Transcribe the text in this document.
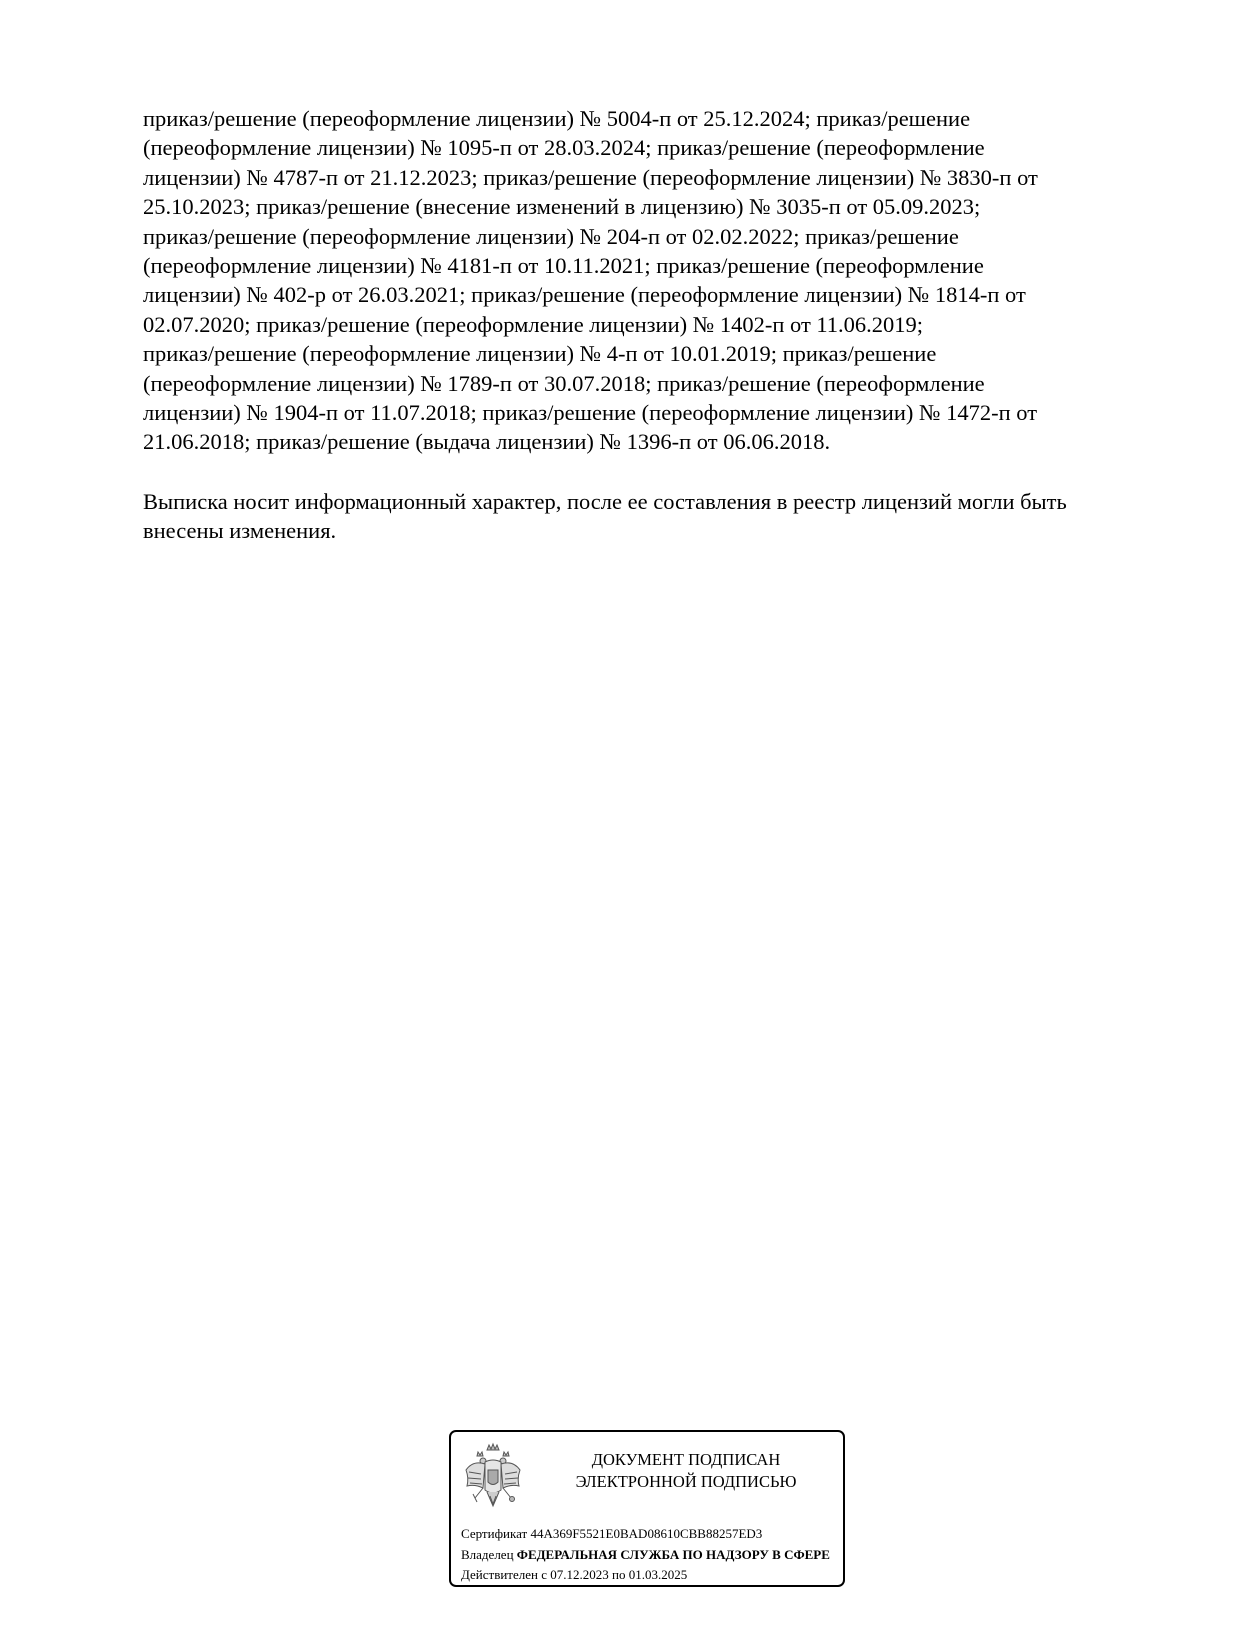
приказ/решение (переоформление лицензии) № 5004-п от 25.12.2024; приказ/решение
(переоформление лицензии) № 1095-п от 28.03.2024; приказ/решение (переоформление
лицензии) № 4787-п от 21.12.2023; приказ/решение (переоформление лицензии) № 3830-п от
25.10.2023; приказ/решение (внесение изменений в лицензию) № 3035-п от 05.09.2023;
приказ/решение (переоформление лицензии) № 204-п от 02.02.2022; приказ/решение
(переоформление лицензии) № 4181-п от 10.11.2021; приказ/решение (переоформление
лицензии) № 402-р от 26.03.2021; приказ/решение (переоформление лицензии) № 1814-п от
02.07.2020; приказ/решение (переоформление лицензии) № 1402-п от 11.06.2019;
приказ/решение (переоформление лицензии) № 4-п от 10.01.2019; приказ/решение
(переоформление лицензии) № 1789-п от 30.07.2018; приказ/решение (переоформление
лицензии) № 1904-п от 11.07.2018; приказ/решение (переоформление лицензии) № 1472-п от
21.06.2018; приказ/решение (выдача лицензии) № 1396-п от 06.06.2018.

Выписка носит информационный характер, после ее составления в реестр лицензий могли быть
внесены изменения.

ДОКУМЕНТ ПОДПИСАН
ЭЛЕКТРОННОЙ ПОДПИСЬЮ
Сертификат 44A369F5521E0BAD08610CBB88257ED3
Владелец ФЕДЕРАЛЬНАЯ СЛУЖБА ПО НАДЗОРУ В СФЕРЕ
Действителен с 07.12.2023 по 01.03.2025
